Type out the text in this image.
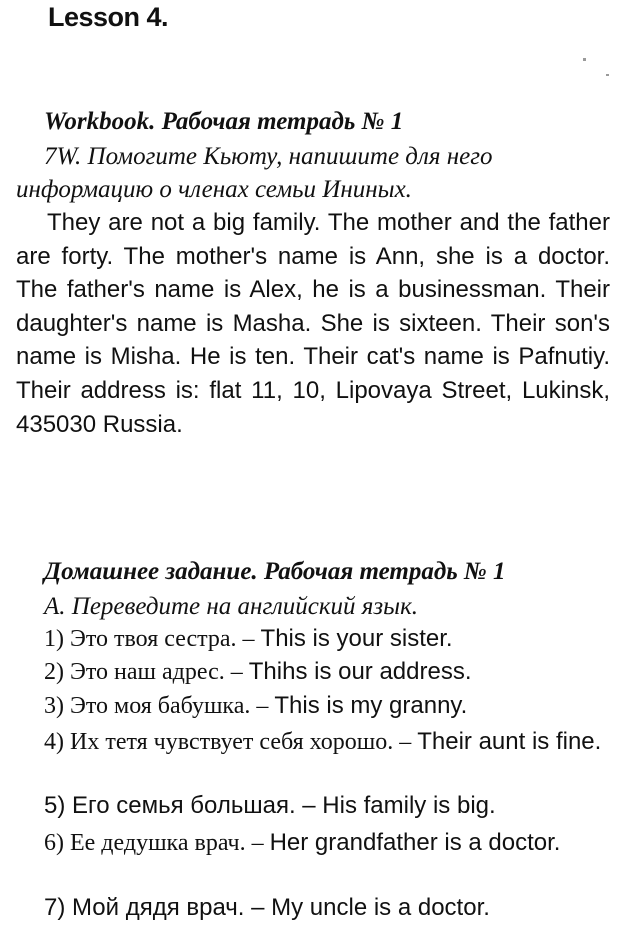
Lesson 4.
Workbook. Рабочая тетрадь № 1

7W. Помогите Кьюту, напишите для него

информацию о членах семьи Ининых.

They are not a big family. The mother and the father are forty. The mother's name is Ann, she is a doctor. The father's name is Alex, he is a businessman. Their daughter's name is Masha. She is sixteen. Their son's name is Misha. He is ten. Their cat's name is Pafnutiy. Their address is: flat 11, 10, Lipovaya Street, Lukinsk, 435030 Russia.

Домашнее задание. Рабочая тетрадь № 1

А. Переведите на английский язык.

1) Это твоя сестра. – This is your sister.

2) Это наш адрес. – Thihs is our address.

3) Это моя бабушка. – This is my granny.

4) Их тетя чувствует себя хорошо. – Their aunt is fine.

5) Его семья большая. – His family is big.

6) Ее дедушка врач. – Her grandfather is a doctor.

7) Мой дядя врач. – My uncle is a doctor.
